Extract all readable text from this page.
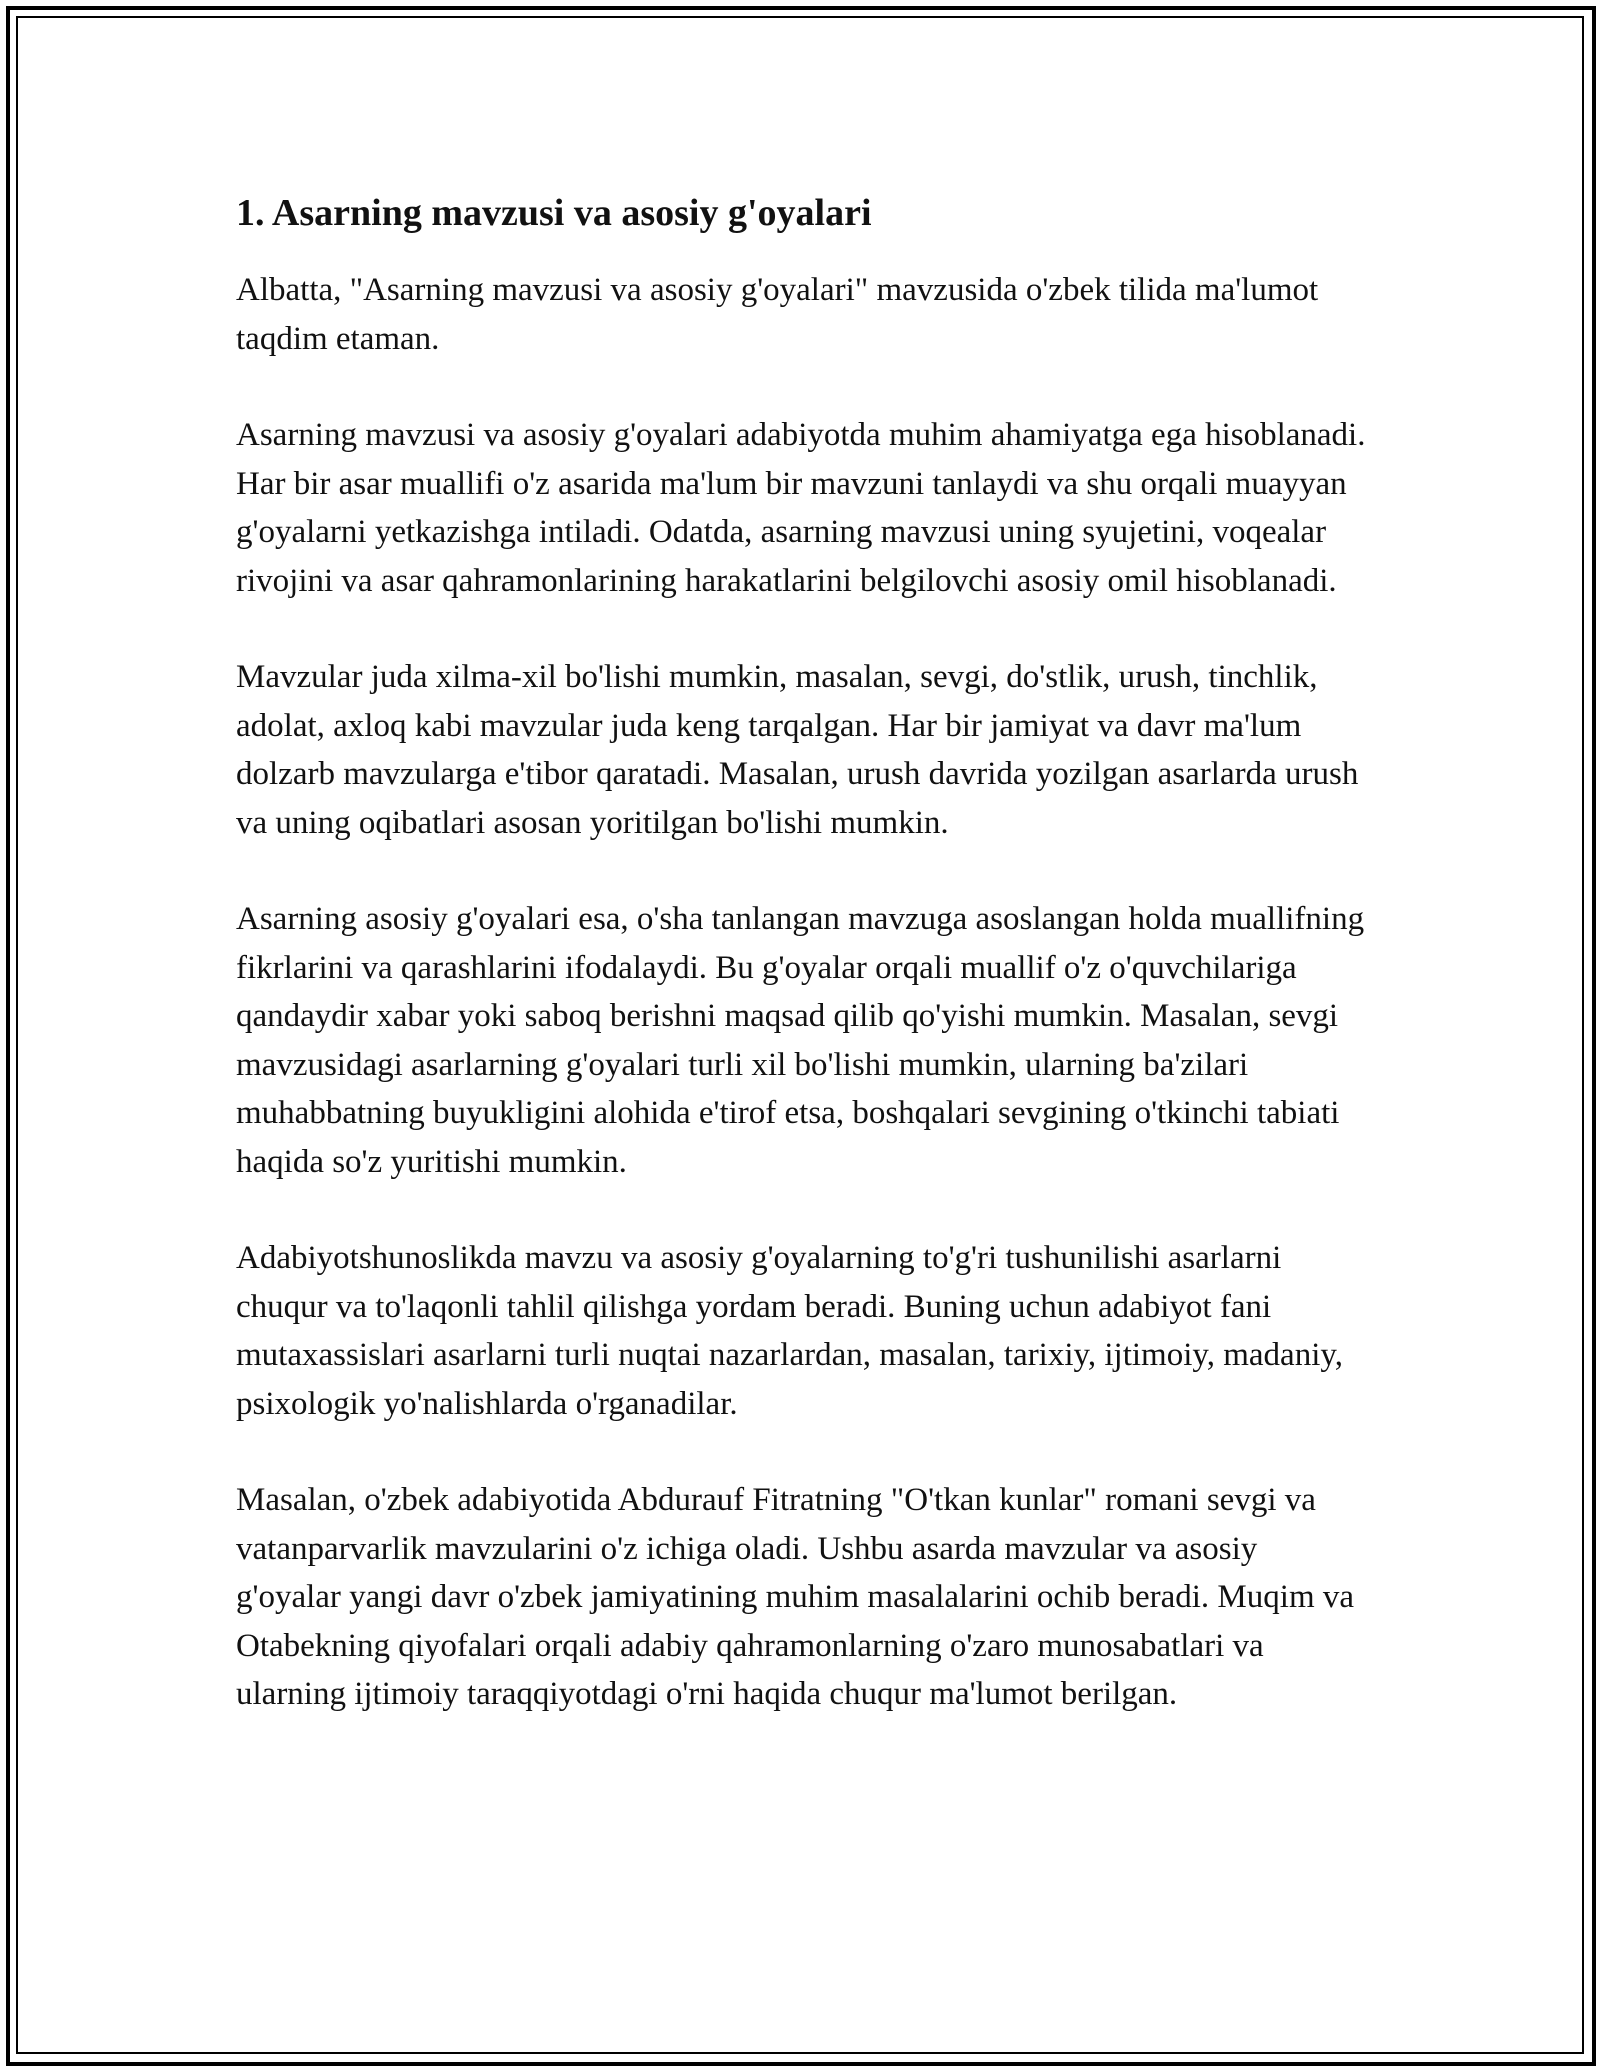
1. Asarning mavzusi va asosiy g'oyalari

Albatta, "Asarning mavzusi va asosiy g'oyalari" mavzusida o'zbek tilida ma'lumot taqdim etaman.

Asarning mavzusi va asosiy g'oyalari adabiyotda muhim ahamiyatga ega hisoblanadi. Har bir asar muallifi o'z asarida ma'lum bir mavzuni tanlaydi va shu orqali muayyan g'oyalarni yetkazishga intiladi. Odatda, asarning mavzusi uning syujetini, voqealar rivojini va asar qahramonlarining harakatlarini belgilovchi asosiy omil hisoblanadi.

Mavzular juda xilma-xil bo'lishi mumkin, masalan, sevgi, do'stlik, urush, tinchlik, adolat, axloq kabi mavzular juda keng tarqalgan. Har bir jamiyat va davr ma'lum dolzarb mavzularga e'tibor qaratadi. Masalan, urush davrida yozilgan asarlarda urush va uning oqibatlari asosan yoritilgan bo'lishi mumkin.

Asarning asosiy g'oyalari esa, o'sha tanlangan mavzuga asoslangan holda muallifning fikrlarini va qarashlarini ifodalaydi. Bu g'oyalar orqali muallif o'z o'quvchilariga qandaydir xabar yoki saboq berishni maqsad qilib qo'yishi mumkin. Masalan, sevgi mavzusidagi asarlarning g'oyalari turli xil bo'lishi mumkin, ularning ba'zilari muhabbatning buyukligini alohida e'tirof etsa, boshqalari sevgining o'tkinchi tabiati haqida so'z yuritishi mumkin.

Adabiyotshunoslikda mavzu va asosiy g'oyalarning to'g'ri tushunilishi asarlarni chuqur va to'laqonli tahlil qilishga yordam beradi. Buning uchun adabiyot fani mutaxassislari asarlarni turli nuqtai nazarlardan, masalan, tarixiy, ijtimoiy, madaniy, psixologik yo'nalishlarda o'rganadilar.

Masalan, o'zbek adabiyotida Abdurauf Fitratning "O'tkan kunlar" romani sevgi va vatanparvarlik mavzularini o'z ichiga oladi. Ushbu asarda mavzular va asosiy g'oyalar yangi davr o'zbek jamiyatining muhim masalalarini ochib beradi. Muqim va Otabekning qiyofalari orqali adabiy qahramonlarning o'zaro munosabatlari va ularning ijtimoiy taraqqiyotdagi o'rni haqida chuqur ma'lumot berilgan.
